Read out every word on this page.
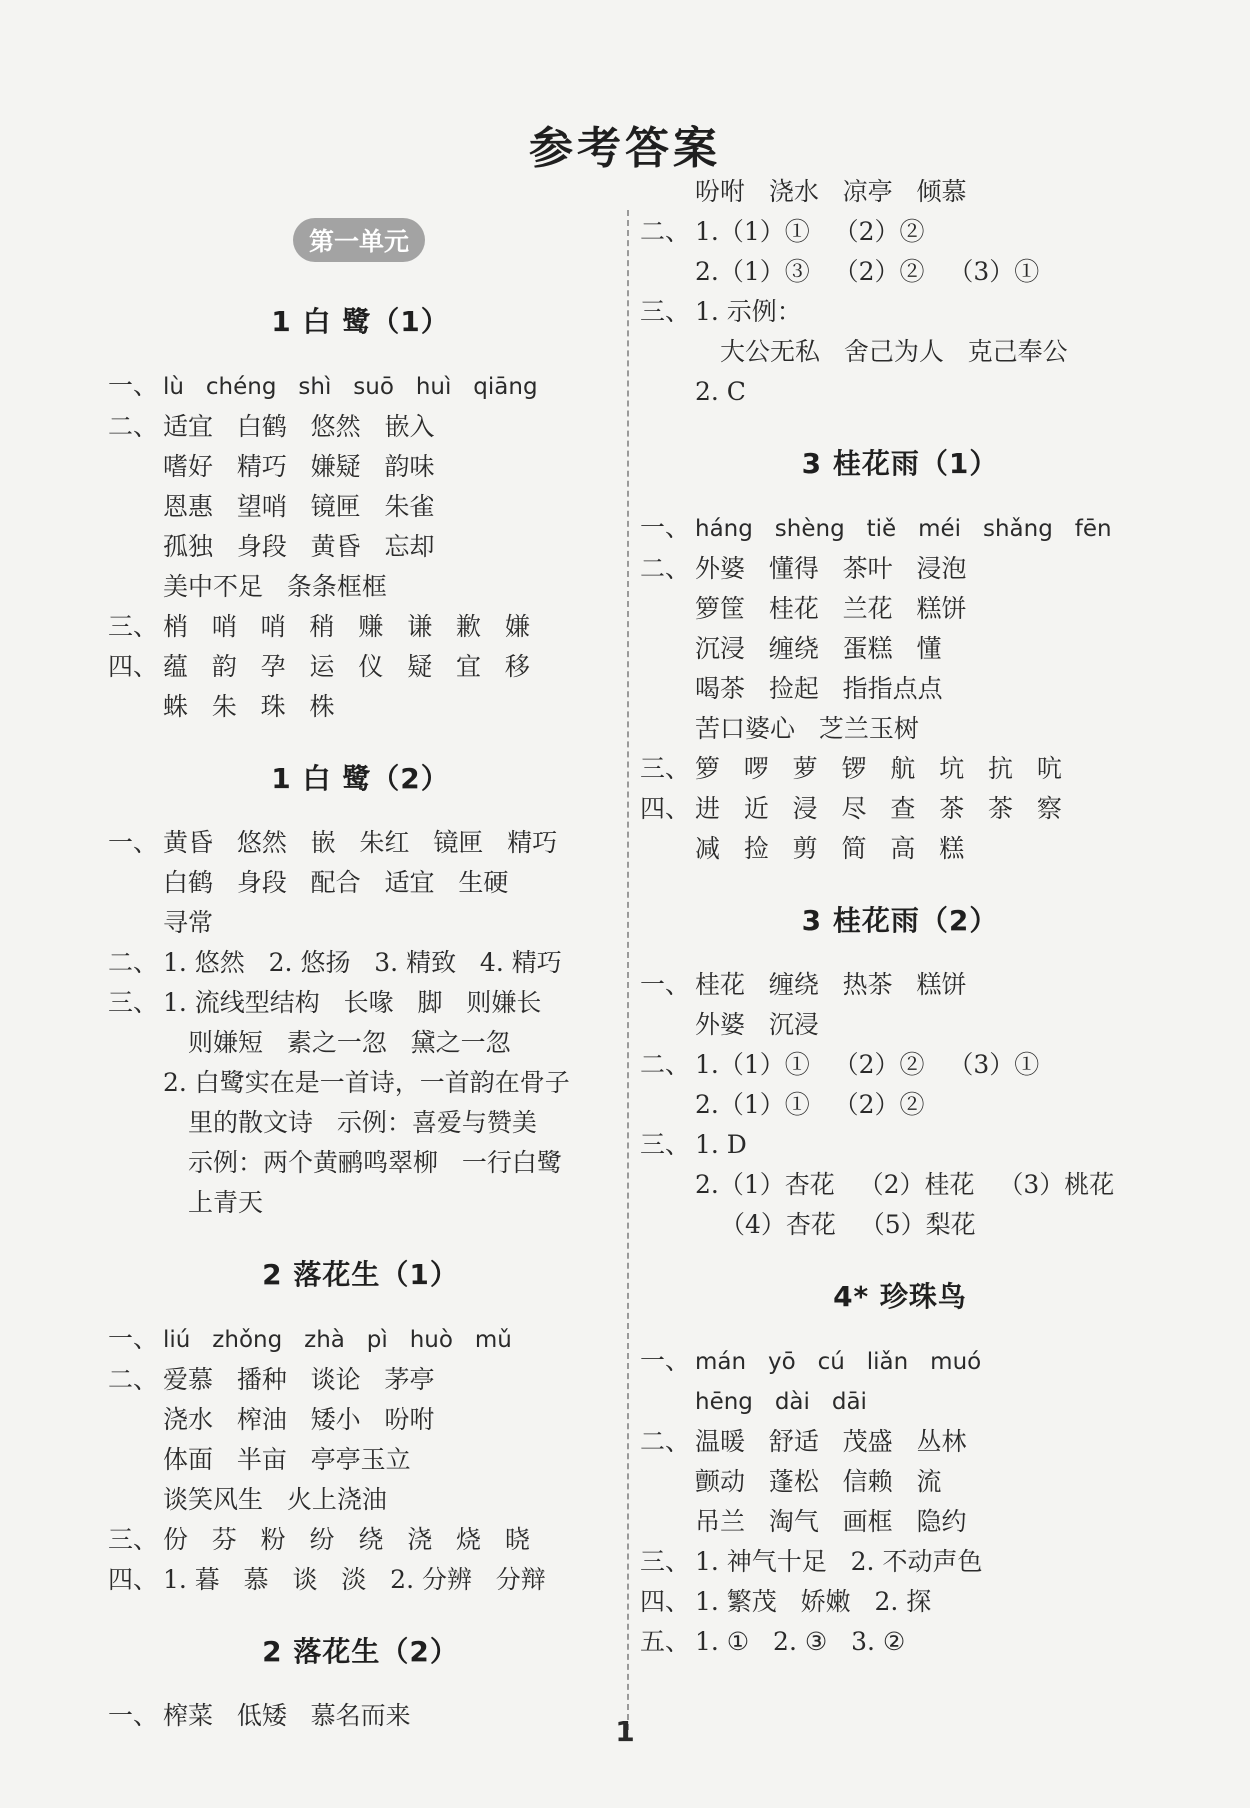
参考答案
第一单元
1 白 鹭（1）
一、 lù   chéng   shì   suō   huì   qiāng
二、 适宜   白鹤   悠然   嵌入
嗜好   精巧   嫌疑   韵味
恩惠   望哨   镜匣   朱雀
孤独   身段   黄昏   忘却
美中不足   条条框框
三、 梢   哨   哨   稍   赚   谦   歉   嫌
四、 蕴   韵   孕   运   仪   疑   宜   移
蛛   朱   珠   株
1 白 鹭（2）
一、 黄昏   悠然   嵌   朱红   镜匣   精巧
白鹤   身段   配合   适宜   生硬
寻常
二、 1. 悠然   2. 悠扬   3. 精致   4. 精巧
三、 1. 流线型结构   长喙   脚   则嫌长
则嫌短   素之一忽   黛之一忽
2. 白鹭实在是一首诗，一首韵在骨子
里的散文诗   示例：喜爱与赞美
示例：两个黄鹂鸣翠柳   一行白鹭
上青天
2 落花生（1）
一、 liú   zhǒng   zhà   pì   huò   mǔ
二、 爱慕   播种   谈论   茅亭
浇水   榨油   矮小   吩咐
体面   半亩   亭亭玉立
谈笑风生   火上浇油
三、 份   芬   粉   纷   绕   浇   烧   晓
四、 1. 暮   慕   谈   淡   2. 分辨   分辩
2 落花生（2）
一、 榨菜   低矮   慕名而来
吩咐   浇水   凉亭   倾慕
二、 1.（1）①   （2）②
2.（1）③   （2）②   （3）①
三、 1. 示例：
大公无私   舍己为人   克己奉公
2. C
3 桂花雨（1）
一、 háng   shèng   tiě   méi   shǎng   fēn
二、 外婆   懂得   茶叶   浸泡
箩筐   桂花   兰花   糕饼
沉浸   缠绕   蛋糕   懂
喝茶   捡起   指指点点
苦口婆心   芝兰玉树
三、 箩   啰   萝   锣   航   坑   抗   吭
四、 进   近   浸   尽   查   茶   茶   察
减   捡   剪   简   高   糕
3 桂花雨（2）
一、 桂花   缠绕   热茶   糕饼
外婆   沉浸
二、 1.（1）①   （2）②   （3）①
2.（1）①   （2）②
三、 1. D
2.（1）杏花   （2）桂花   （3）桃花
（4）杏花   （5）梨花
4* 珍珠鸟
一、 mán   yō   cú   liǎn   muó
hēng   dài   dāi
二、 温暖   舒适   茂盛   丛林
颤动   蓬松   信赖   流
吊兰   淘气   画框   隐约
三、 1. 神气十足   2. 不动声色
四、 1. 繁茂   娇嫩   2. 探
五、 1. ①   2. ③   3. ②
1
